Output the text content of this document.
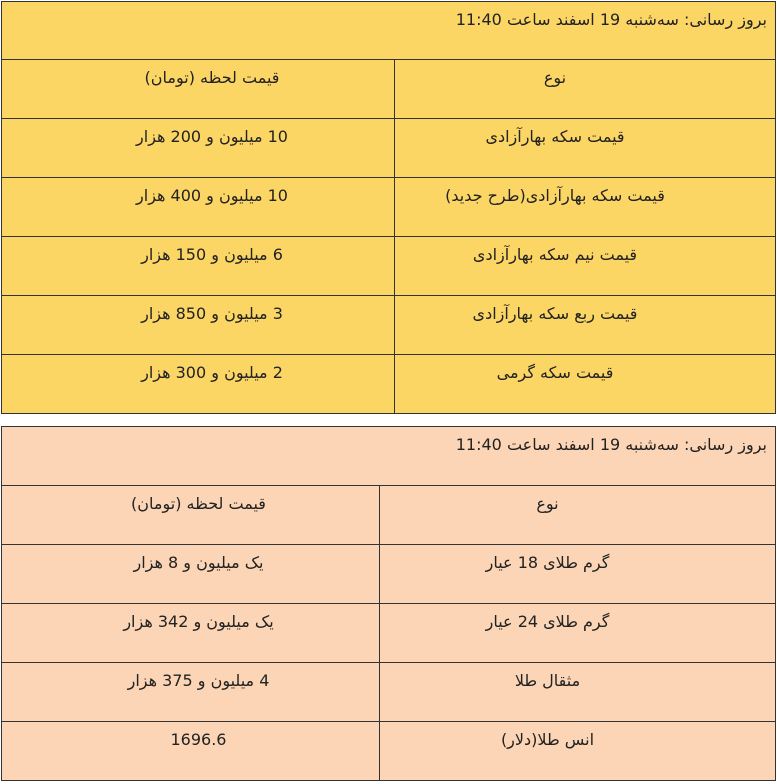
بروز رسانی: سه‌شنبه 19 اسفند ساعت 11:40	
نوع	قیمت لحظه (تومان)
قیمت سکه بهارآزادی	10 میلیون و 200 هزار
قیمت سکه بهارآزادی(طرح جدید)	10 میلیون و 400 هزار
قیمت نیم سکه بهارآزادی	6 میلیون و 150 هزار
قیمت ربع سکه بهارآزادی	3 میلیون و 850 هزار
قیمت سکه گرمی	2 میلیون و 300 هزار
بروز رسانی: سه‌شنبه 19 اسفند ساعت 11:40	
نوع	قیمت لحظه (تومان)
گرم طلای 18 عیار	یک میلیون و 8 هزار
گرم طلای 24 عیار	یک میلیون و 342 هزار
مثقال طلا	4 میلیون و 375 هزار
انس طلا(دلار)	1696.6
